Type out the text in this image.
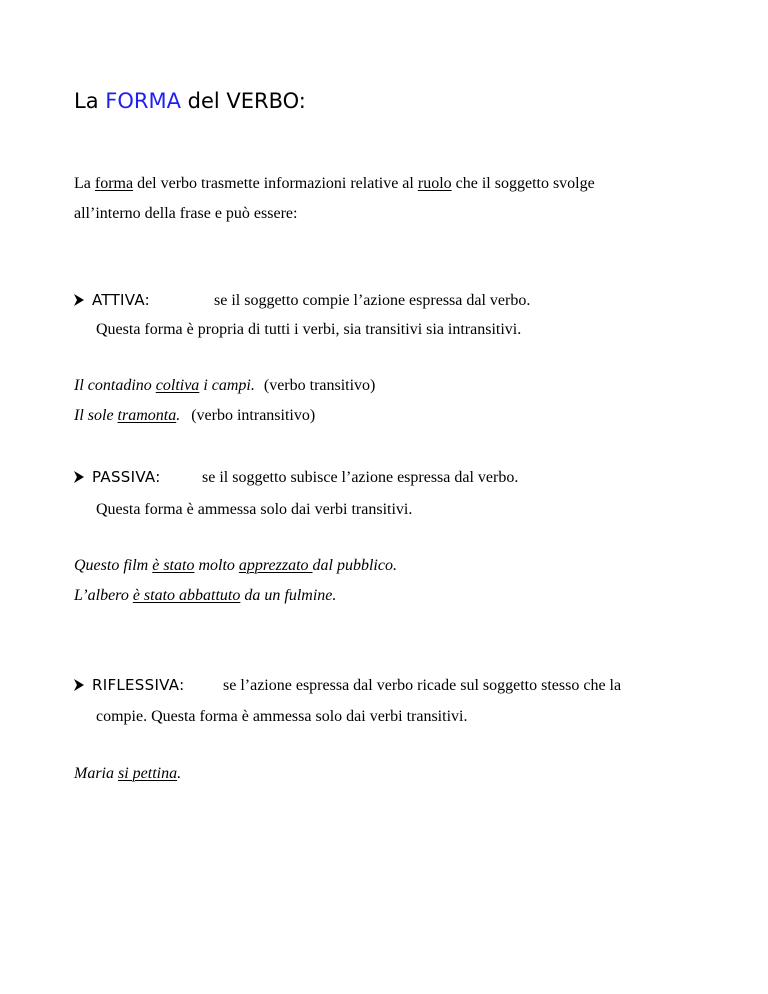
La FORMA del VERBO:
La forma del verbo trasmette informazioni relative al ruolo che il soggetto svolge
all’interno della frase e può essere:
ATTIVA:	se il soggetto compie l’azione espressa dal verbo.
Questa forma è propria di tutti i verbi, sia transitivi sia intransitivi.
Il contadino coltiva i campi. (verbo transitivo)
Il sole tramonta. (verbo intransitivo)
PASSIVA:	se il soggetto subisce l’azione espressa dal verbo.
Questa forma è ammessa solo dai verbi transitivi.
Questo film è stato molto apprezzato dal pubblico.
L’albero è stato abbattuto da un fulmine.
RIFLESSIVA: se l’azione espressa dal verbo ricade sul soggetto stesso che la
compie. Questa forma è ammessa solo dai verbi transitivi.
Maria si pettina.
